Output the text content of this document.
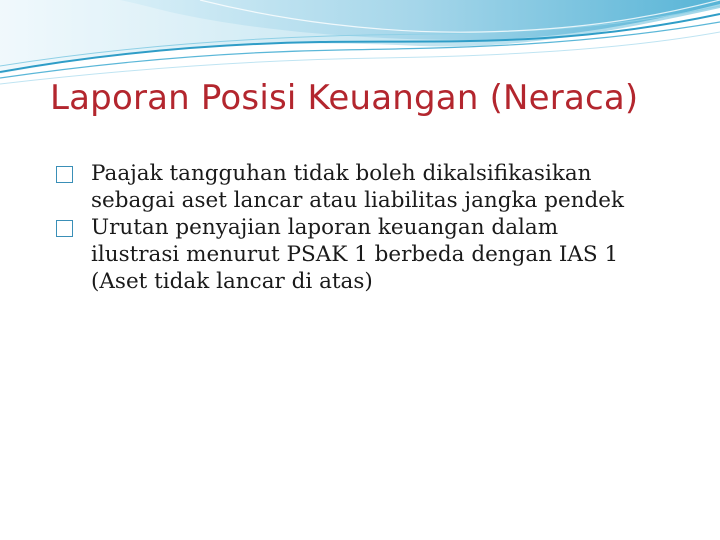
Laporan Posisi Keuangan (Neraca)
Paajak tangguhan tidak boleh dikalsifikasikan
sebagai aset lancar atau liabilitas jangka pendek
Urutan penyajian laporan keuangan dalam
ilustrasi menurut PSAK 1 berbeda dengan IAS 1
(Aset tidak lancar di atas)
